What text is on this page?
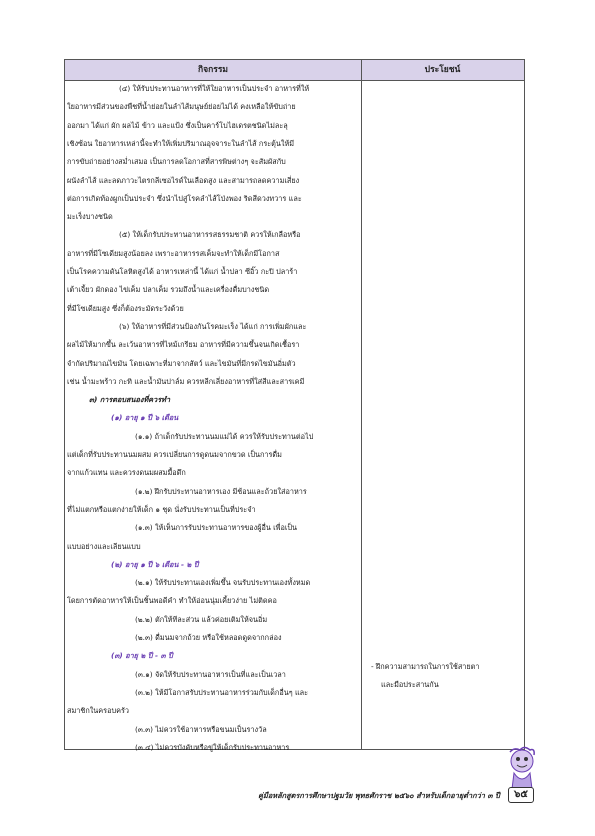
กิจกรรม	ประโยชน์
(๔) ให้รับประทานอาหารที่ให้ใยอาหารเป็นประจำ อาหารที่ให้
ใยอาหารมีส่วนของพืชที่น้ำย่อยในลำไส้มนุษย์ย่อยไม่ได้ คงเหลือให้ขับถ่าย
ออกมา ได้แก่ ผัก ผลไม้ ข้าว และแป้ง ซึ่งเป็นคาร์โบไฮเดรตชนิดไม่ละลุ
เชิงซ้อน ใยอาหารเหล่านี้จะทำให้เพิ่มปริมาณอุจจาระในลำไส้ กระตุ้นให้มี
การขับถ่ายอย่างสม่ำเสมอ เป็นการลดโอกาสที่สารพิษต่างๆ จะสัมผัสกับ
ผนังลำไส้ และลดภาวะไตรกลีเซอไรด์ในเลือดสูง และสามารถลดความเสี่ยง
ต่อการเกิดท้องผูกเป็นประจำ ซึ่งนำไปสู่โรคลำไส้โป่งพอง ริดสีดวงทวาร และ
มะเร็งบางชนิด
(๕) ให้เด็กรับประทานอาหารรสธรรมชาติ ควรให้เกลือหรือ
อาหารที่มีโซเดียมสูงน้อยลง เพราะอาหารรสเค็มจะทำให้เด็กมีโอกาส
เป็นโรคความดันโลหิตสูงได้ อาหารเหล่านี้ ได้แก่ น้ำปลา ซีอิ๊ว กะปิ ปลาร้า
เต้าเจี้ยว ผักดอง ไข่เค็ม ปลาเค็ม รวมถึงน้ำและเครื่องดื่มบางชนิด
ที่มีโซเดียมสูง ซึ่งก็ต้องระมัดระวังด้วย
(๖) ให้อาหารที่มีส่วนป้องกันโรคมะเร็ง ได้แก่ การเพิ่มผักและ
ผลไม้ให้มากขึ้น ละเว้นอาหารที่ไหม้เกรียม อาหารที่มีความขึ้นจนเกิดเชื้อรา
จำกัดปริมาณไขมัน โดยเฉพาะที่มาจากสัตว์ และไขมันที่มีกรดไขมันอิ่มตัว
เช่น น้ำมะพร้าว กะทิ และน้ำมันปาล์ม ควรหลีกเลี่ยงอาหารที่ใส่สีและสารเคมี
๓) การตอบสนองที่ควรทำ
(๑) อายุ ๑ ปี ๖ เดือน
(๑.๑) ถ้าเด็กรับประทานนมแม่ได้ ควรให้รับประทานต่อไป
แต่เด็กที่รับประทานนมผสม ควรเปลี่ยนการดูดนมจากขวด เป็นการดื่ม
จากแก้วแทน และควรงดนมผสมมื้อดึก
(๑.๒) ฝึกรับประทานอาหารเอง มีช้อนและถ้วยใส่อาหาร
ที่ไม่แตกหรือแตกง่ายให้เด็ก ๑ ชุด นั่งรับประทานเป็นที่ประจำ
(๑.๓) ให้เห็นการรับประทานอาหารของผู้อื่น เพื่อเป็น
แบบอย่างและเลียนแบบ
(๒) อายุ ๑ ปี ๖ เดือน - ๒ ปี
(๒.๑) ให้รับประทานเองเพิ่มขึ้น จนรับประทานเองทั้งหมด
โดยการตัดอาหารให้เป็นชิ้นพอดีคำ ทำให้อ่อนนุ่มเคี้ยวง่าย ไม่ติดคอ
(๒.๒) ตักให้ทีละส่วน แล้วค่อยเติมให้จนอิ่ม
(๒.๓) ดื่มนมจากถ้วย หรือใช้หลอดดูดจากกล่อง
(๓) อายุ ๒ ปี - ๓ ปี
(๓.๑) จัดให้รับประทานอาหารเป็นที่และเป็นเวลา
(๓.๒) ให้มีโอกาสรับประทานอาหารร่วมกับเด็กอื่นๆ และ
สมาชิกในครอบครัว
(๓.๓) ไม่ควรใช้อาหารหรือขนมเป็นรางวัล
(๓.๔) ไม่ควรบังคับหรือขู่ให้เด็กรับประทานอาหาร
- ฝึกความสามารถในการใช้สายตา
และมือประสานกัน
คู่มือหลักสูตรการศึกษาปฐมวัย พุทธศักราช ๒๕๖๐ สำหรับเด็กอายุต่ำกว่า ๓ ปี	๖๕
